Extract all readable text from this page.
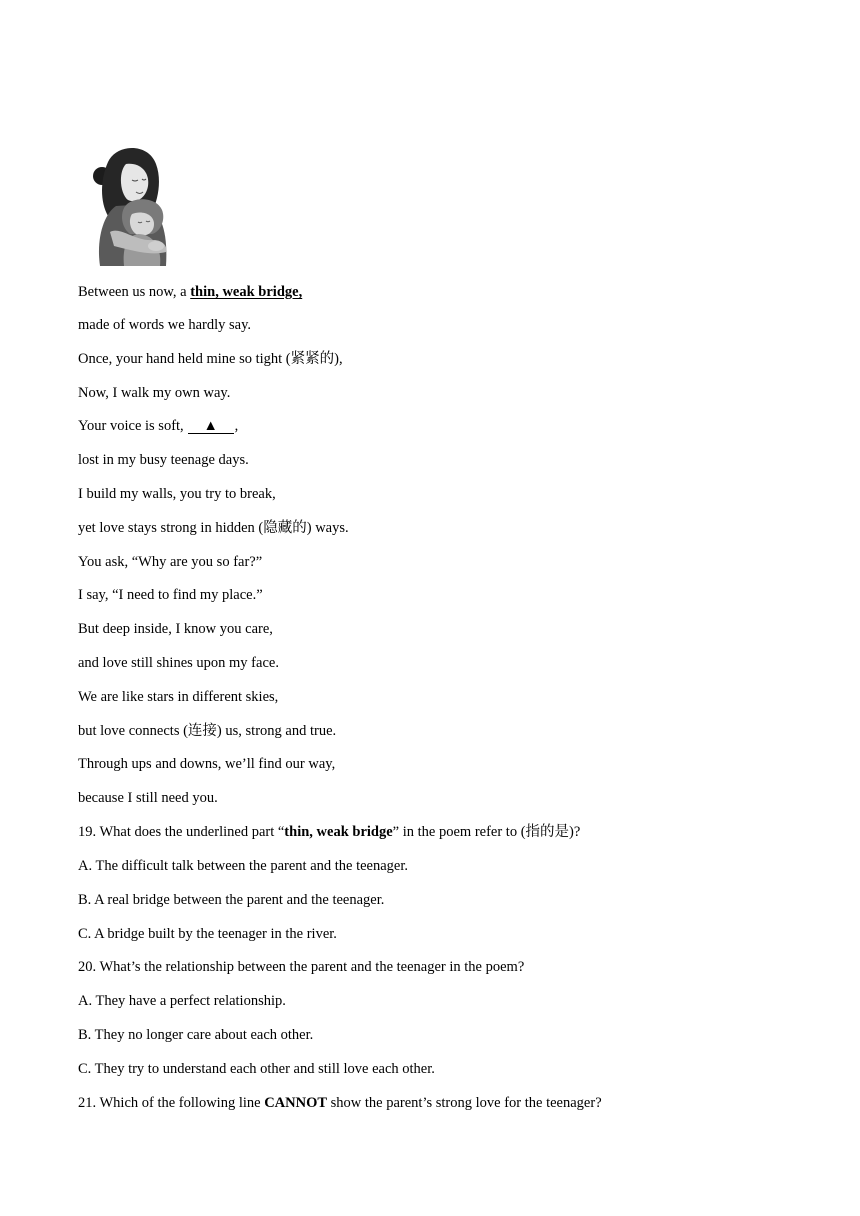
Between us now, a thin, weak bridge,
made of words we hardly say.
Once, your hand held mine so tight (紧紧的),
Now, I walk my own way.
Your voice is soft, ▲ ,
lost in my busy teenage days.
I build my walls, you try to break,
yet love stays strong in hidden (隐藏的) ways.
You ask, “Why are you so far?”
I say, “I need to find my place.”
But deep inside, I know you care,
and love still shines upon my face.
We are like stars in different skies,
but love connects (连接) us, strong and true.
Through ups and downs, we’ll find our way,
because I still need you.
19. What does the underlined part “thin, weak bridge” in the poem refer to (指的是)?
A. The difficult talk between the parent and the teenager.
B. A real bridge between the parent and the teenager.
C. A bridge built by the teenager in the river.
20. What’s the relationship between the parent and the teenager in the poem?
A. They have a perfect relationship.
B. They no longer care about each other.
C. They try to understand each other and still love each other.
21. Which of the following line CANNOT show the parent’s strong love for the teenager?
